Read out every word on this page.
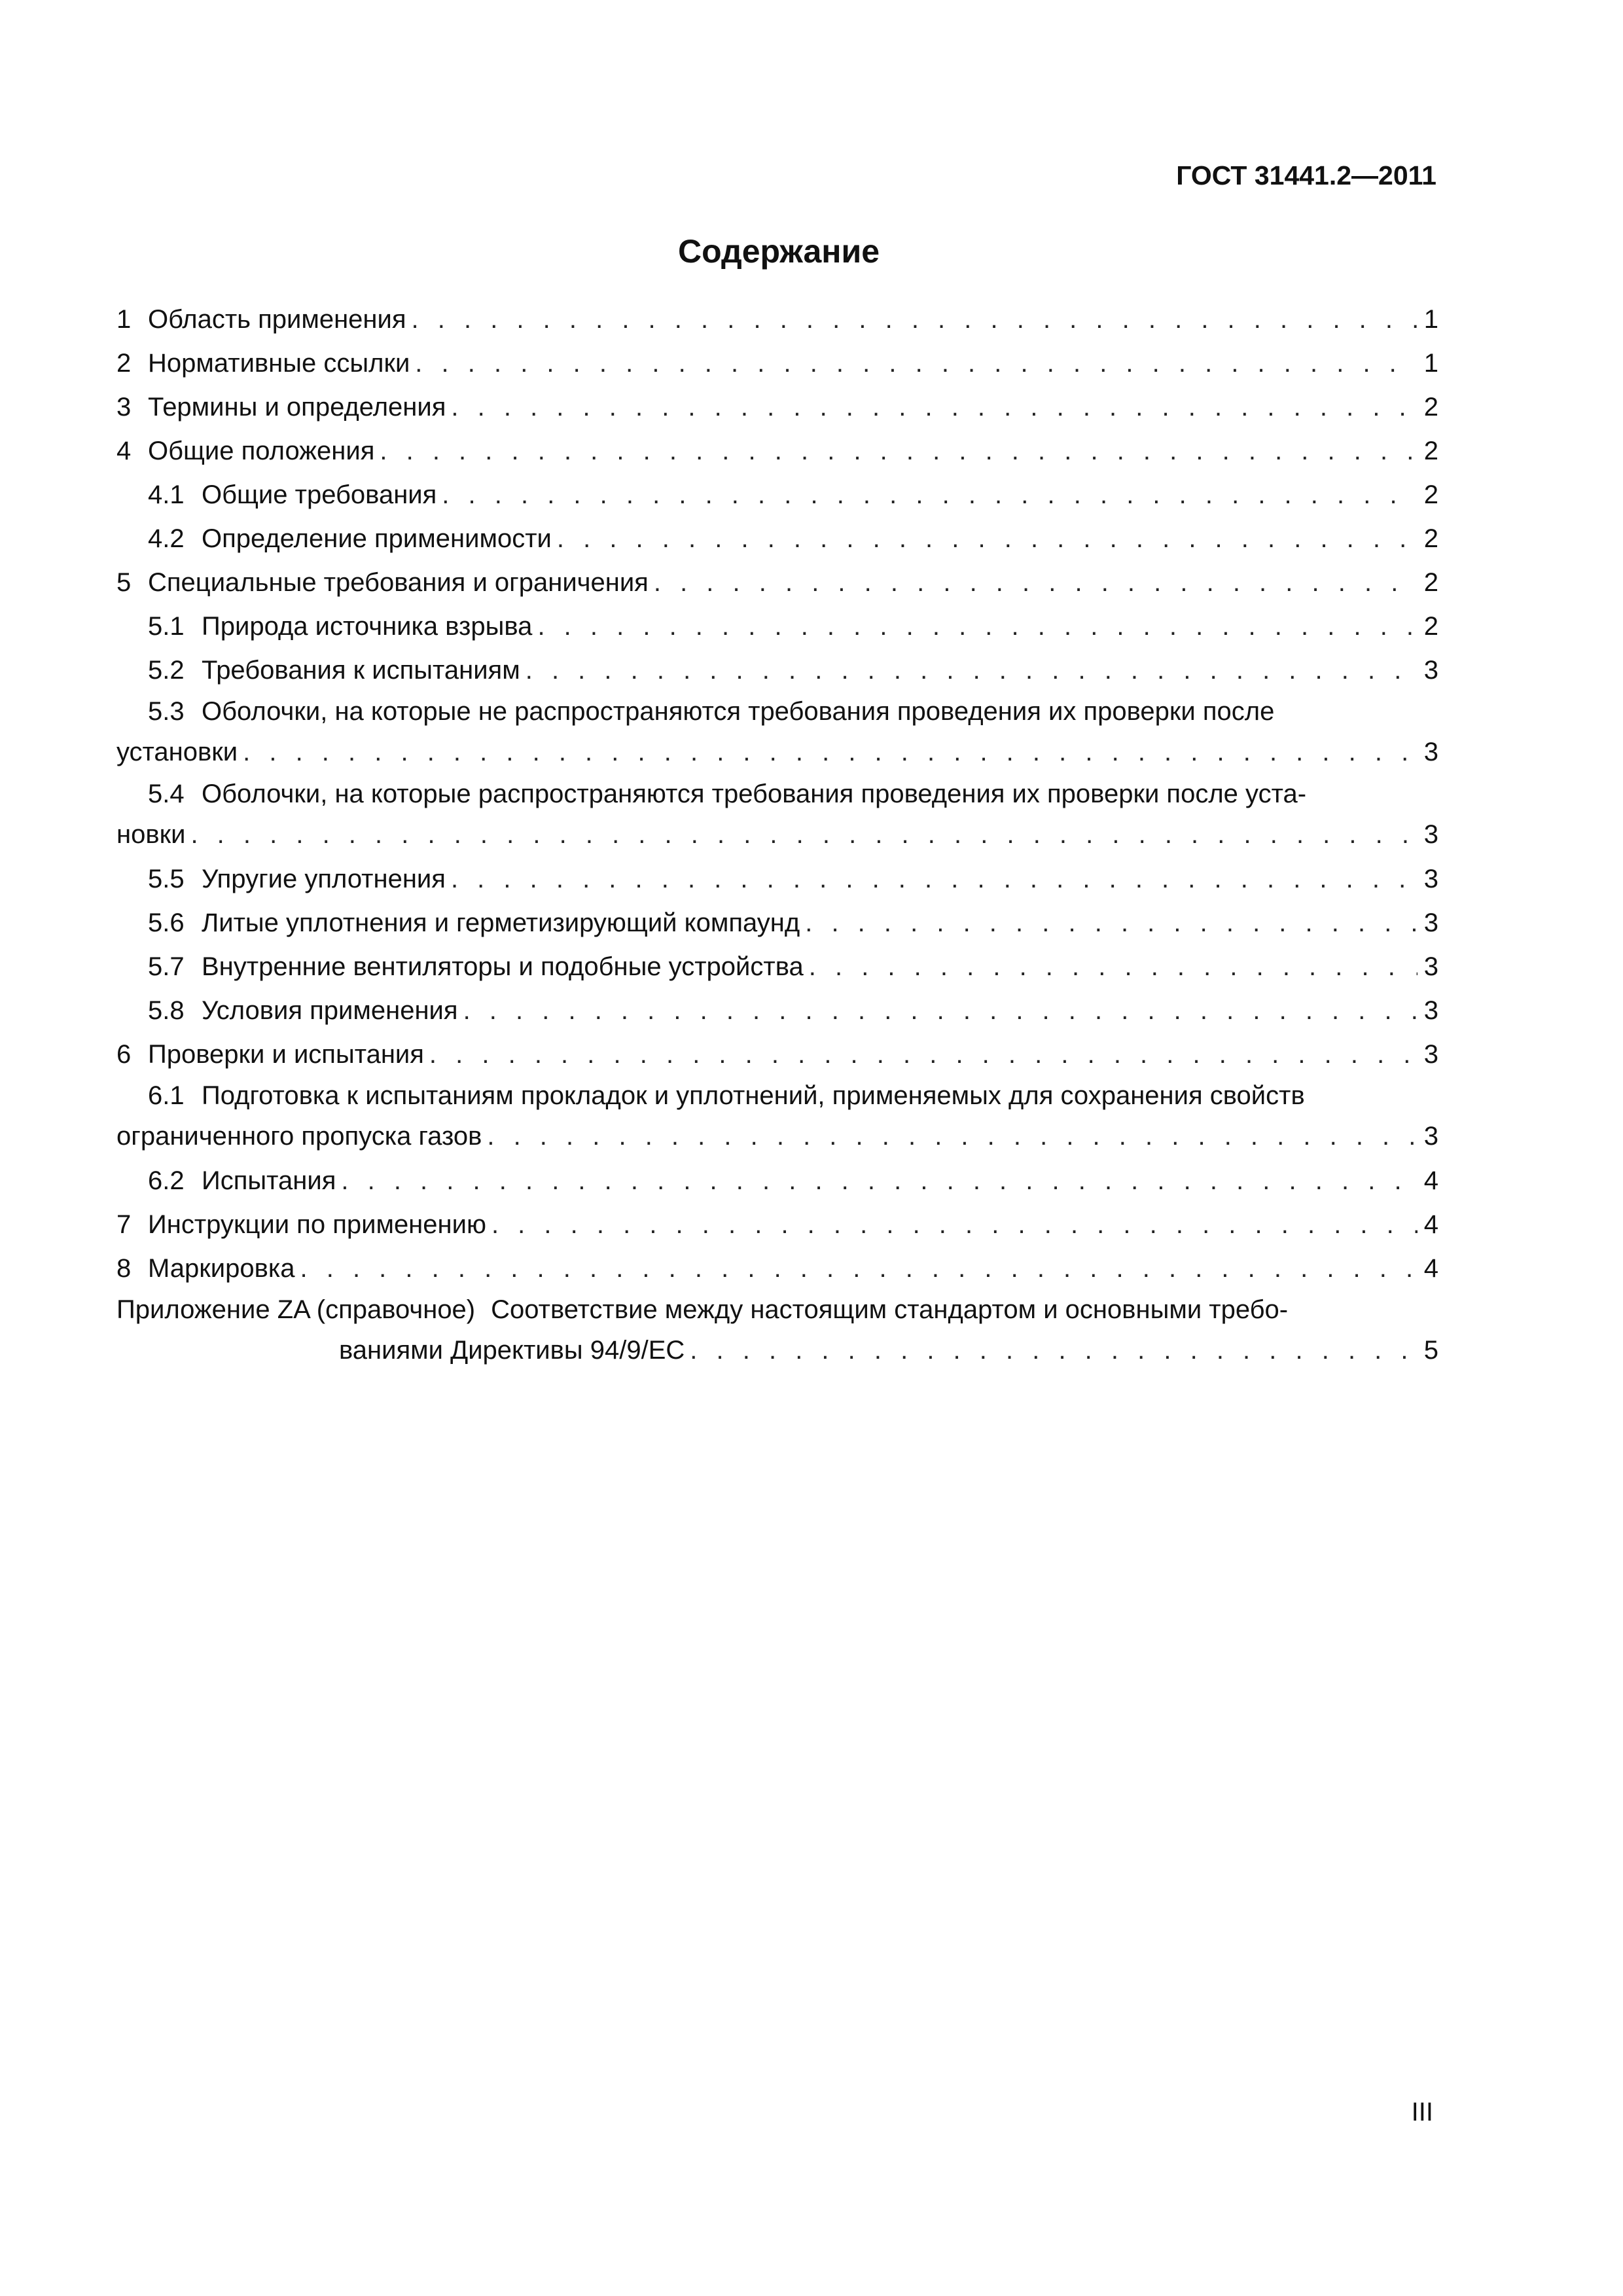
ГОСТ 31441.2—2011
Содержание
1 Область применения . . .	1
2 Нормативные ссылки . . .	1
3 Термины и определения . . .	2
4 Общие положения . . .	2
4.1 Общие требования . . .	2
4.2 Определение применимости . . .	2
5 Специальные требования и ограничения . . .	2
5.1 Природа источника взрыва . . .	2
5.2 Требования к испытаниям . . .	3
5.3 Оболочки, на которые не распространяются требования проведения их проверки после
установки . . .	3
5.4 Оболочки, на которые распространяются требования проведения их проверки после уста-
новки . . .	3
5.5 Упругие уплотнения . . .	3
5.6 Литые уплотнения и герметизирующий компаунд . . .	3
5.7 Внутренние вентиляторы и подобные устройства . . .	3
5.8 Условия применения . . .	3
6 Проверки и испытания . . .	3
6.1 Подготовка к испытаниям прокладок и уплотнений, применяемых для сохранения свойств
ограниченного пропуска газов . . .	3
6.2 Испытания . . .	4
7 Инструкции по применению . . .	4
8 Маркировка . . .	4
Приложение ZA (справочное) Соответствие между настоящим стандартом и основными требо-
ваниями Директивы 94/9/ЕС . . .	5
III
